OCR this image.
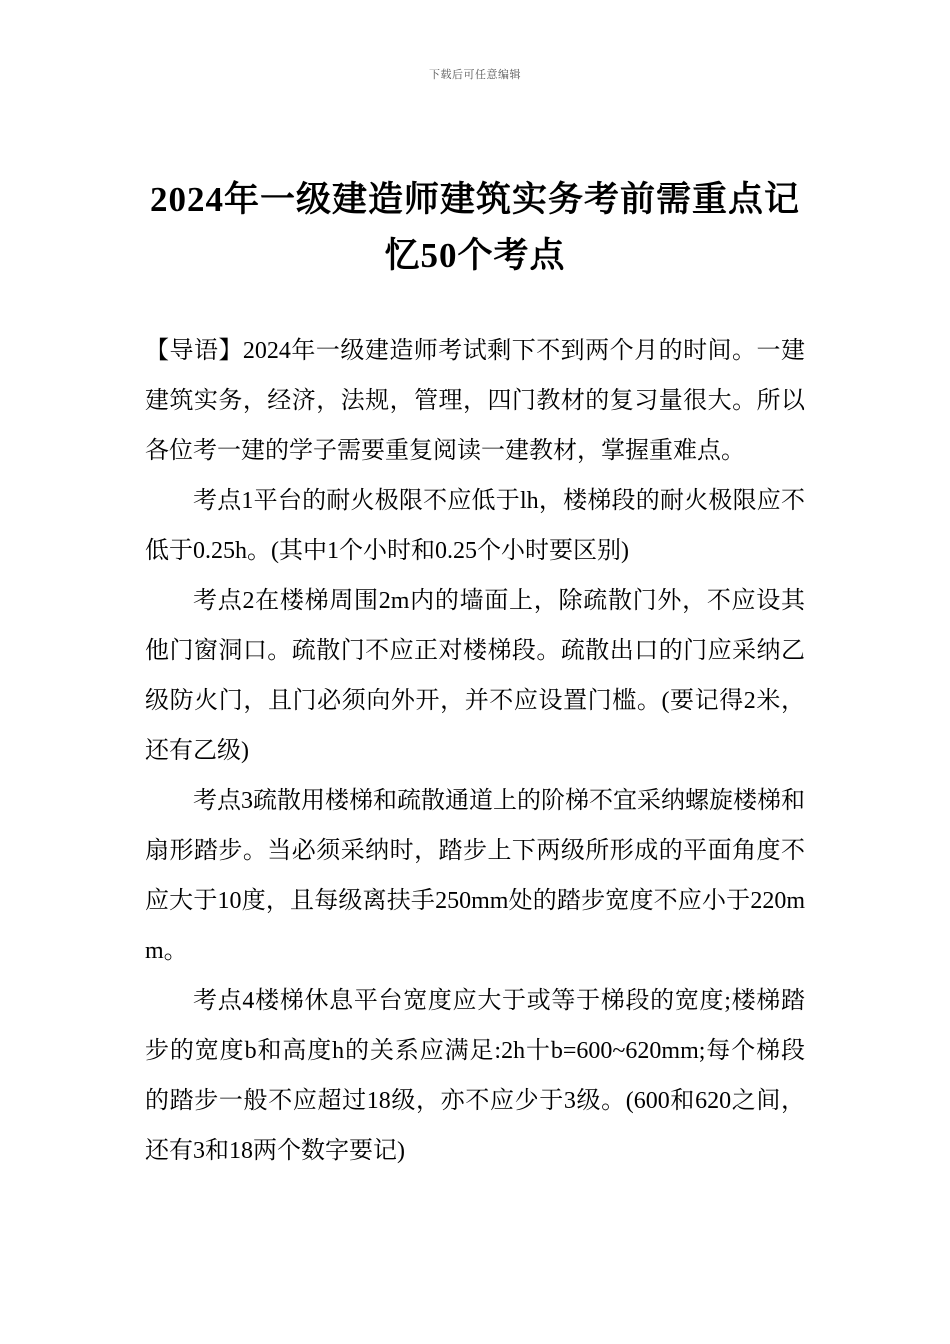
下载后可任意编辑
2024年一级建造师建筑实务考前需重点记忆50个考点

【导语】2024年一级建造师考试剩下不到两个月的时间。一建建筑实务，经济，法规，管理，四门教材的复习量很大。所以各位考一建的学子需要重复阅读一建教材，掌握重难点。

考点1平台的耐火极限不应低于lh，楼梯段的耐火极限应不低于0.25h。(其中1个小时和0.25个小时要区别)

考点2在楼梯周围2m内的墙面上，除疏散门外，不应设其他门窗洞口。疏散门不应正对楼梯段。疏散出口的门应采纳乙级防火门，且门必须向外开，并不应设置门槛。(要记得2米，还有乙级)

考点3疏散用楼梯和疏散通道上的阶梯不宜采纳螺旋楼梯和扇形踏步。当必须采纳时，踏步上下两级所形成的平面角度不应大于10度，且每级离扶手250mm处的踏步宽度不应小于220mm。

考点4楼梯休息平台宽度应大于或等于梯段的宽度;楼梯踏步的宽度b和高度h的关系应满足:2h十b=600~620mm;每个梯段的踏步一般不应超过18级，亦不应少于3级。(600和620之间，还有3和18两个数字要记)
